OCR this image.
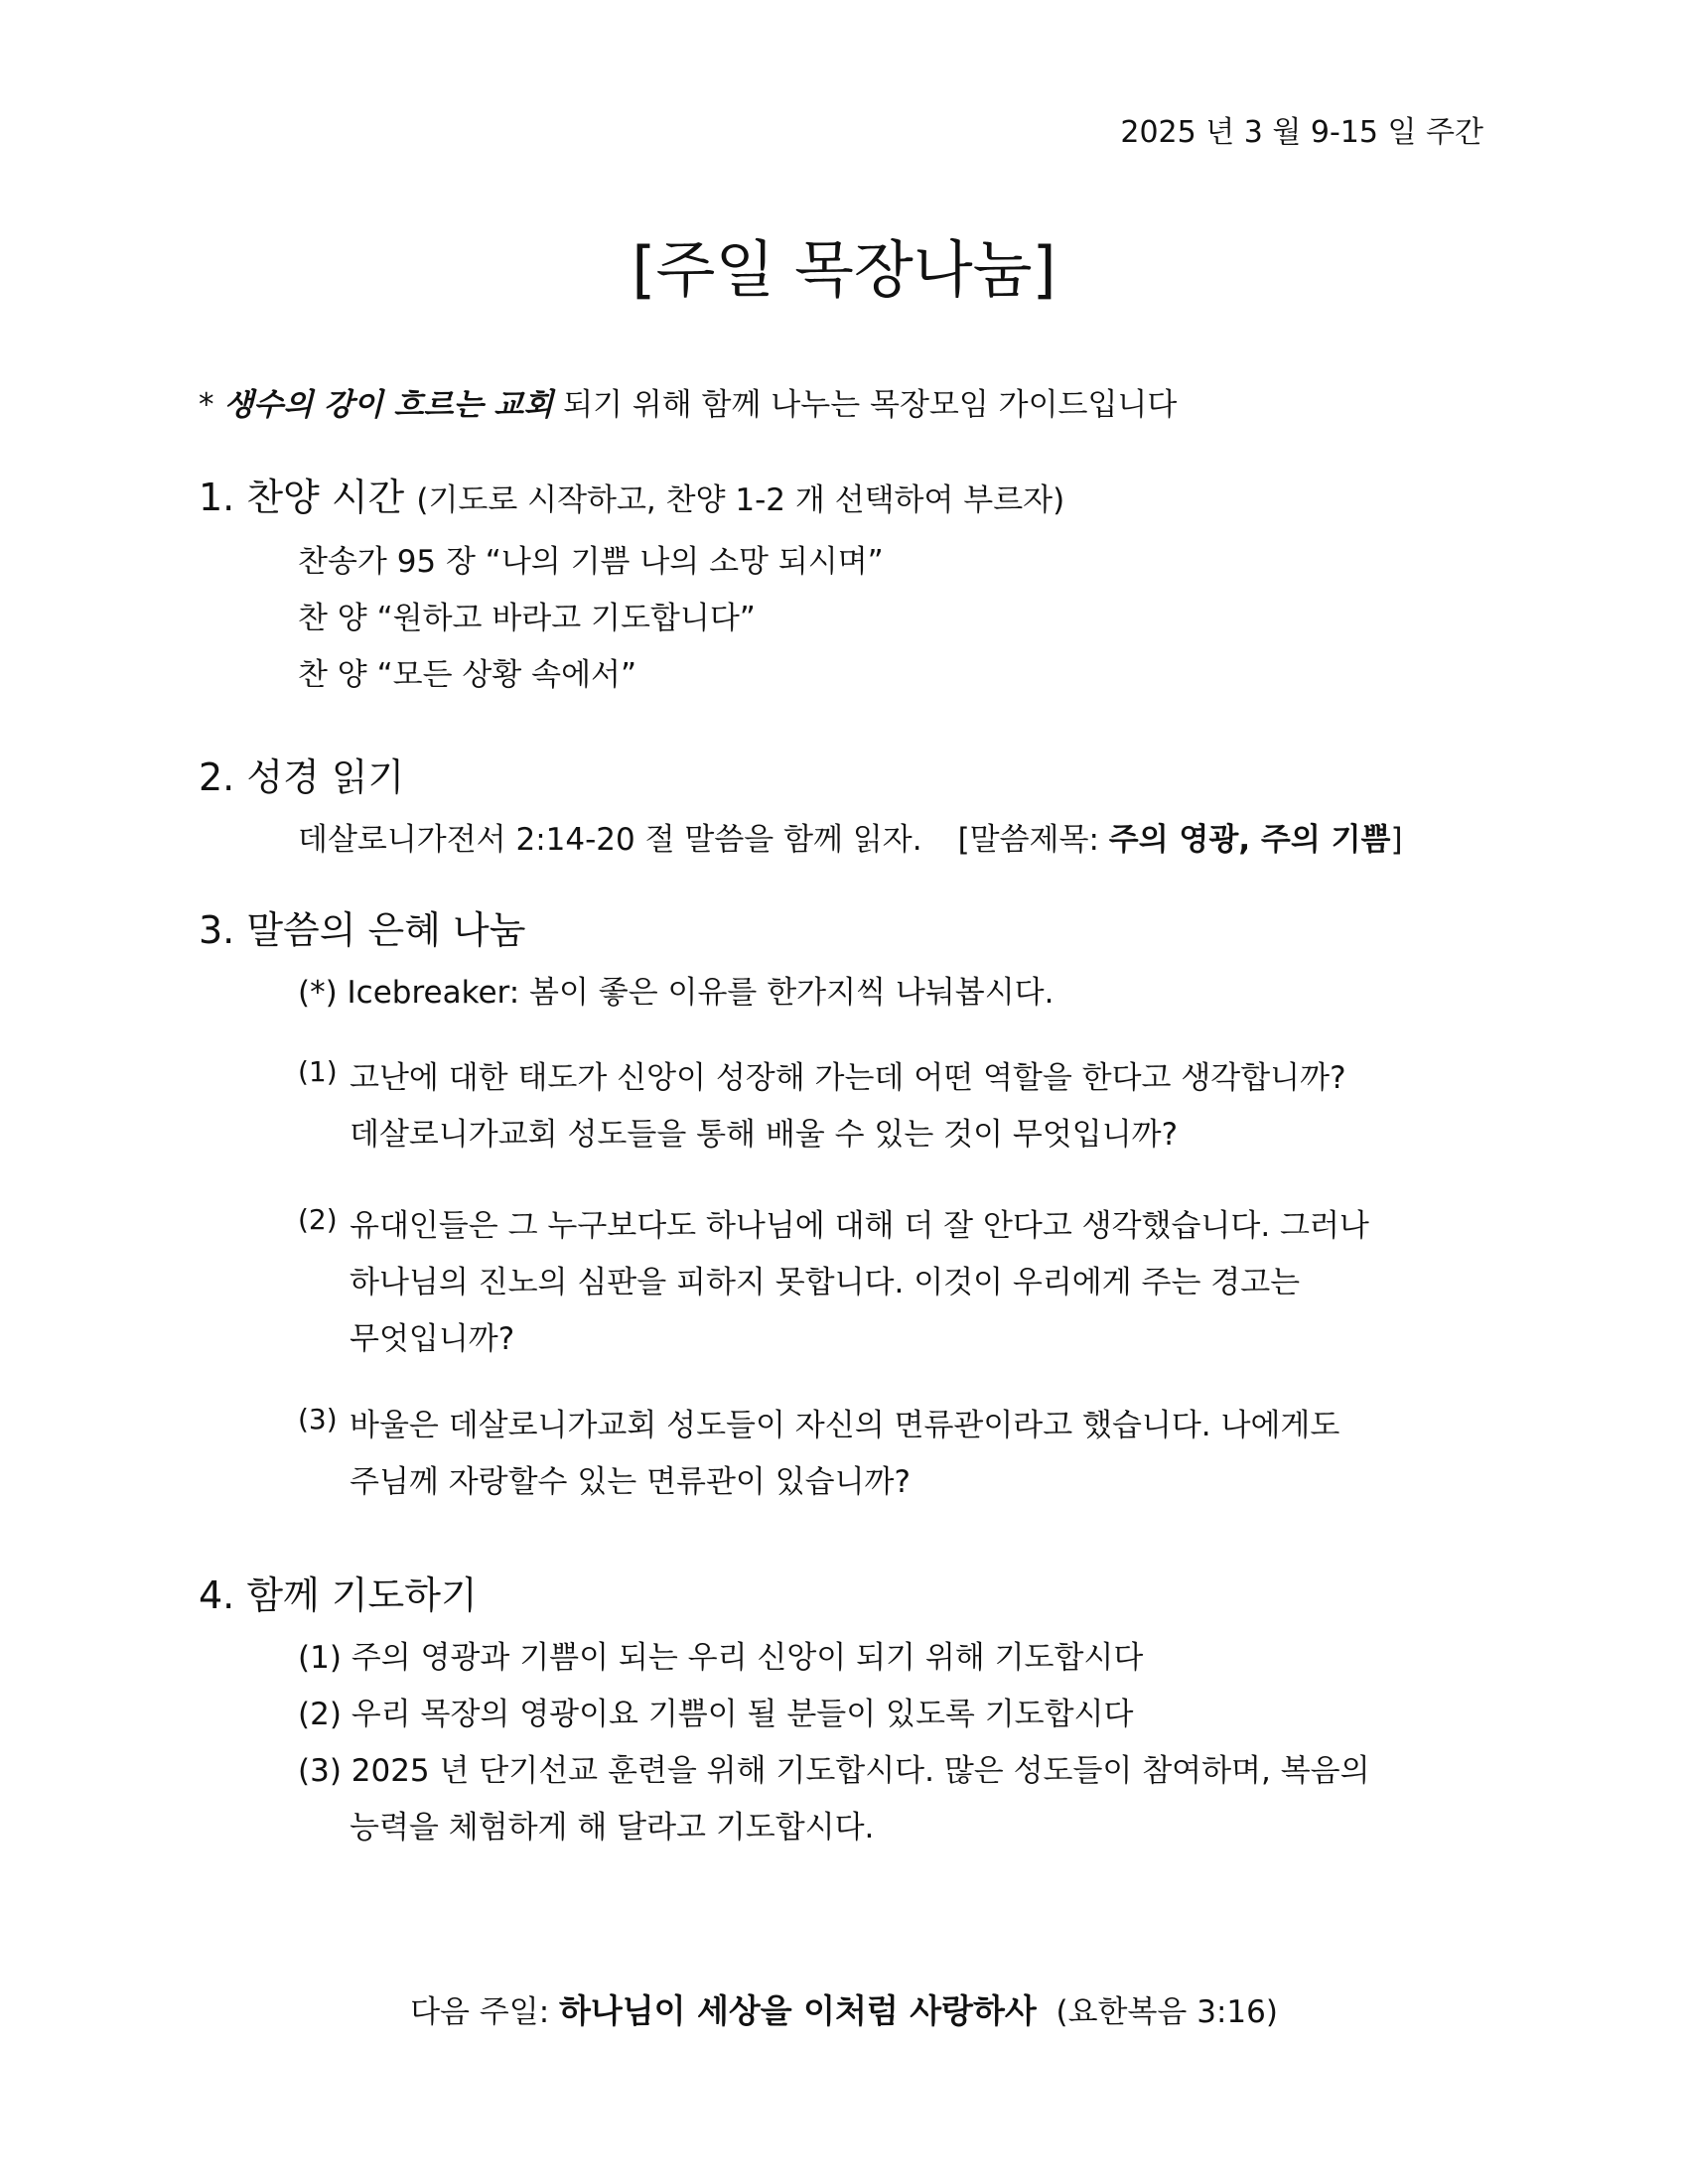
2025 년 3 월 9-15 일 주간
[주일 목장나눔]
* 생수의 강이 흐르는 교회 되기 위해 함께 나누는 목장모임 가이드입니다
1. 찬양 시간 (기도로 시작하고, 찬양 1-2 개 선택하여 부르자)
찬송가 95 장 “나의 기쁨 나의 소망 되시며”
찬 양 “원하고 바라고 기도합니다”
찬 양 “모든 상황 속에서”
2. 성경 읽기
데살로니가전서 2:14-20 절 말씀을 함께 읽자. [말씀제목: 주의 영광, 주의 기쁨]
3. 말씀의 은혜 나눔
(*) Icebreaker: 봄이 좋은 이유를 한가지씩 나눠봅시다.
(1) 고난에 대한 태도가 신앙이 성장해 가는데 어떤 역할을 한다고 생각합니까?
데살로니가교회 성도들을 통해 배울 수 있는 것이 무엇입니까?
(2) 유대인들은 그 누구보다도 하나님에 대해 더 잘 안다고 생각했습니다. 그러나
하나님의 진노의 심판을 피하지 못합니다. 이것이 우리에게 주는 경고는
무엇입니까?
(3) 바울은 데살로니가교회 성도들이 자신의 면류관이라고 했습니다. 나에게도
주님께 자랑할수 있는 면류관이 있습니까?
4. 함께 기도하기
(1) 주의 영광과 기쁨이 되는 우리 신앙이 되기 위해 기도합시다
(2) 우리 목장의 영광이요 기쁨이 될 분들이 있도록 기도합시다
(3) 2025 년 단기선교 훈련을 위해 기도합시다. 많은 성도들이 참여하며, 복음의
능력을 체험하게 해 달라고 기도합시다.
다음 주일: 하나님이 세상을 이처럼 사랑하사 (요한복음 3:16)
